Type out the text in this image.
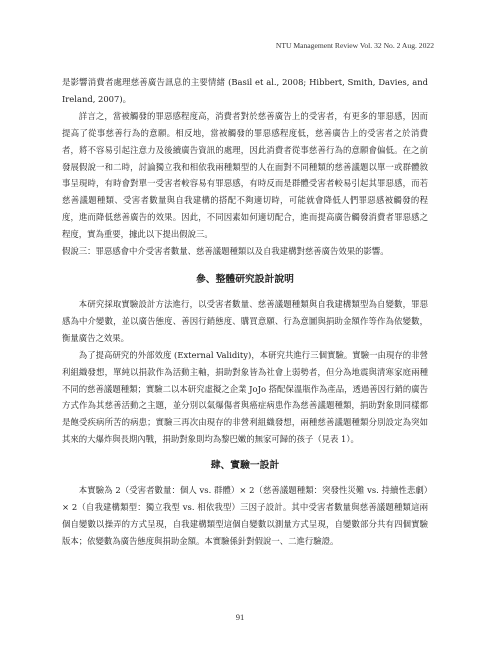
NTU Management Review Vol. 32 No. 2 Aug. 2022

是影響消費者處理慈善廣告訊息的主要情緒 (Basil et al., 2008; Hibbert, Smith, Davies, and Ireland, 2007)。

詳言之，當被觸發的罪惡感程度高，消費者對於慈善廣告上的受害者，有更多的罪惡感，因而提高了從事慈善行為的意願。相反地，當被觸發的罪惡感程度低，慈善廣告上的受害者之於消費者，將不容易引起注意力及後續廣告資訊的處理，因此消費者從事慈善行為的意願會偏低。在之前發展假說一和二時，討論獨立我和相依我兩種類型的人在面對不同種類的慈善議題以單一或群體敘事呈現時，有時會對單一受害者較容易有罪惡感，有時反而是群體受害者較易引起其罪惡感，而若慈善議題種類、受害者數量與自我建構的搭配不夠適切時，可能就會降低人們罪惡感被觸發的程度，進而降低慈善廣告的效果。因此，不同因素如何適切配合，進而提高廣告觸發消費者罪惡感之程度，實為重要，據此以下提出假說三。

假說三：罪惡感會中介受害者數量、慈善議題種類以及自我建構對慈善廣告效果的影響。

參、整體研究設計說明

本研究採取實驗設計方法進行，以受害者數量、慈善議題種類與自我建構類型為自變數，罪惡感為中介變數，並以廣告態度、善因行銷態度、購買意願、行為意圖與捐助金額作等作為依變數，衡量廣告之效果。

為了提高研究的外部效度 (External Validity)，本研究共進行三個實驗。實驗一由現存的非營利組織發想，單純以捐款作為活動主軸，捐助對象皆為社會上弱勢者，但分為地震與清寒家庭兩種不同的慈善議題種類；實驗二以本研究虛擬之企業 JoJo 搭配保溫瓶作為產品，透過善因行銷的廣告方式作為其慈善活動之主題，並分別以氣爆傷者與癌症病患作為慈善議題種類，捐助對象則同樣都是飽受疾病所苦的病患；實驗三再次由現存的非營利組織發想，兩種慈善議題種類分別設定為突如其來的大爆炸與長期內戰，捐助對象則均為黎巴嫩的無家可歸的孩子（見表 1）。

肆、實驗一設計

本實驗為 2（受害者數量：個人 vs. 群體）× 2（慈善議題種類：突發性災難 vs. 持續性悲劇）× 2（自我建構類型：獨立我型 vs. 相依我型）三因子設計。其中受害者數量與慈善議題種類這兩個自變數以操弄的方式呈現，自我建構類型這個自變數以測量方式呈現，自變數部分共有四個實驗版本；依變數為廣告態度與捐助金額。本實驗係針對假說一、二進行驗證。

91
